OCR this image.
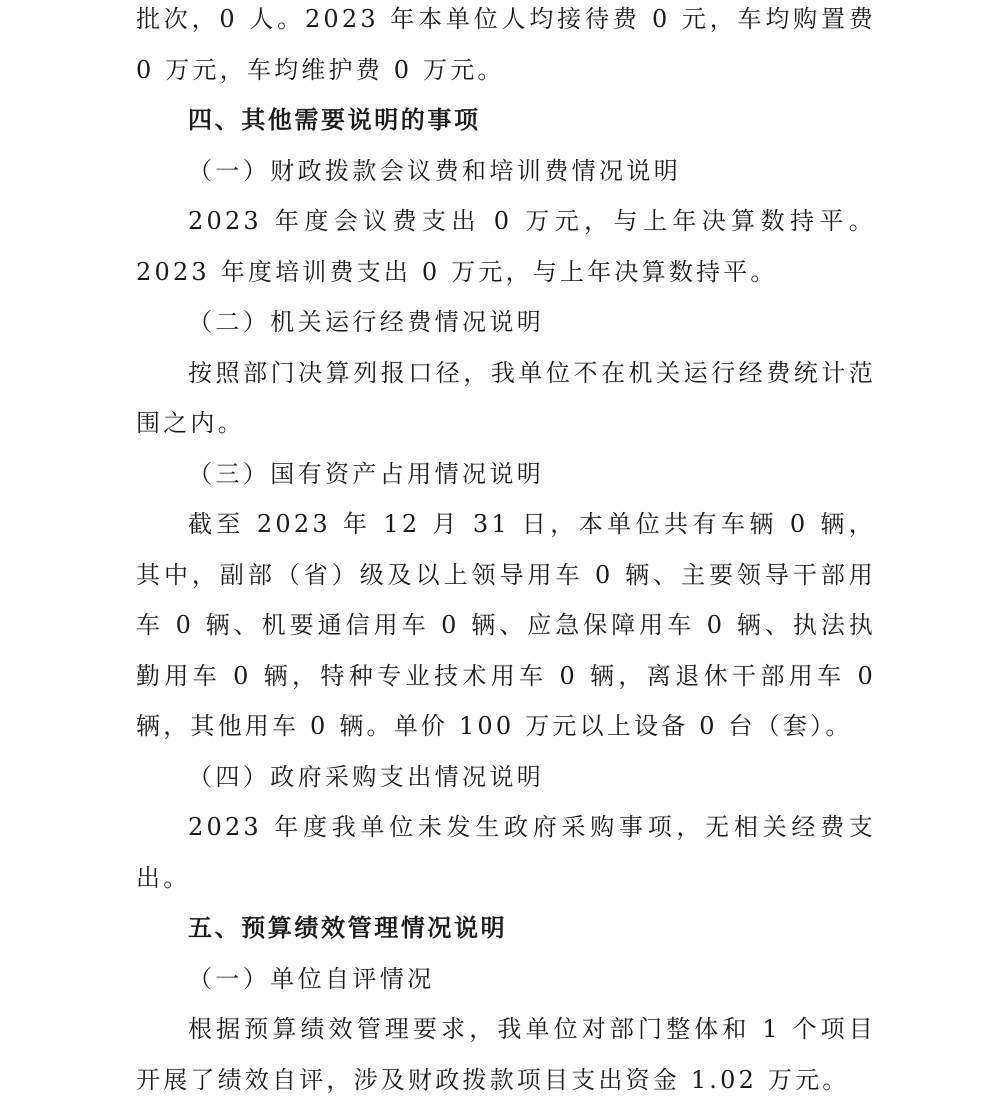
批次，0 人。2023 年本单位人均接待费 0 元，车均购置费 0 万元，车均维护费 0 万元。

四、其他需要说明的事项

（一）财政拨款会议费和培训费情况说明

2023 年度会议费支出 0 万元，与上年决算数持平。2023 年度培训费支出 0 万元，与上年决算数持平。

（二）机关运行经费情况说明

按照部门决算列报口径，我单位不在机关运行经费统计范围之内。

（三）国有资产占用情况说明

截至 2023 年 12 月 31 日，本单位共有车辆 0 辆，其中，副部（省）级及以上领导用车 0 辆、主要领导干部用车 0 辆、机要通信用车 0 辆、应急保障用车 0 辆、执法执勤用车 0 辆，特种专业技术用车 0 辆，离退休干部用车 0 辆，其他用车 0 辆。单价 100 万元以上设备 0 台（套）。

（四）政府采购支出情况说明

2023 年度我单位未发生政府采购事项，无相关经费支出。

五、预算绩效管理情况说明

（一）单位自评情况

根据预算绩效管理要求，我单位对部门整体和 1 个项目开展了绩效自评，涉及财政拨款项目支出资金 1.02 万元。
